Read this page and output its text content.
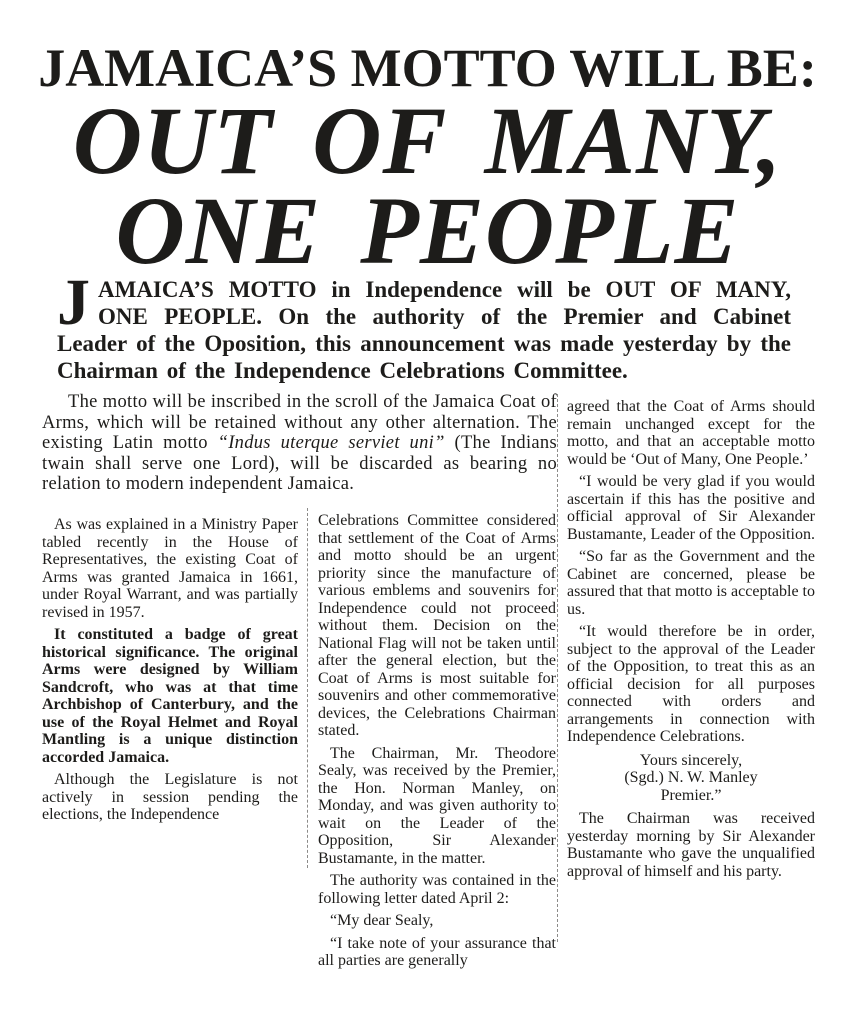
JAMAICA’S MOTTO WILL BE:
OUT OF MANY,
ONE PEOPLE

JAMAICA’S MOTTO in Independence will be OUT OF MANY, ONE PEOPLE. On the authority of the Premier and Cabinet Leader of the Oposition, this announcement was made yesterday by the Chairman of the Independence Celebrations Committee.

The motto will be inscribed in the scroll of the Jamaica Coat of Arms, which will be retained without any other alternation. The existing Latin motto “Indus uterque serviet uni” (The Indians twain shall serve one Lord), will be discarded as bearing no relation to modern independent Jamaica.

As was explained in a Ministry Paper tabled recently in the House of Representatives, the existing Coat of Arms was granted Jamaica in 1661, under Royal Warrant, and was partially revised in 1957.

It constituted a badge of great historical significance. The original Arms were designed by William Sandcroft, who was at that time Archbishop of Canterbury, and the use of the Royal Helmet and Royal Mantling is a unique distinction accorded Jamaica.

Although the Legislature is not actively in session pending the elections, the Independence

Celebrations Committee considered that settlement of the Coat of Arms and motto should be an urgent priority since the manufacture of various emblems and souvenirs for Independence could not proceed without them. Decision on the National Flag will not be taken until after the general election, but the Coat of Arms is most suitable for souvenirs and other commemorative devices, the Celebrations Chairman stated.

The Chairman, Mr. Theodore Sealy, was received by the Premier, the Hon. Norman Manley, on Monday, and was given authority to wait on the Leader of the Opposition, Sir Alexander Bustamante, in the matter.

The authority was contained in the following letter dated April 2:

“My dear Sealy,

“I take note of your assurance that all parties are generally

agreed that the Coat of Arms should remain unchanged except for the motto, and that an acceptable motto would be ‘Out of Many, One People.’

“I would be very glad if you would ascertain if this has the positive and official approval of Sir Alexander Bustamante, Leader of the Opposition.

“So far as the Government and the Cabinet are concerned, please be assured that that motto is acceptable to us.

“It would therefore be in order, subject to the approval of the Leader of the Opposition, to treat this as an official decision for all purposes connected with orders and arrangements in connection with Independence Celebrations.

Yours sincerely,
(Sgd.) N. W. Manley
Premier.”

The Chairman was received yesterday morning by Sir Alexander Bustamante who gave the unqualified approval of himself and his party.
